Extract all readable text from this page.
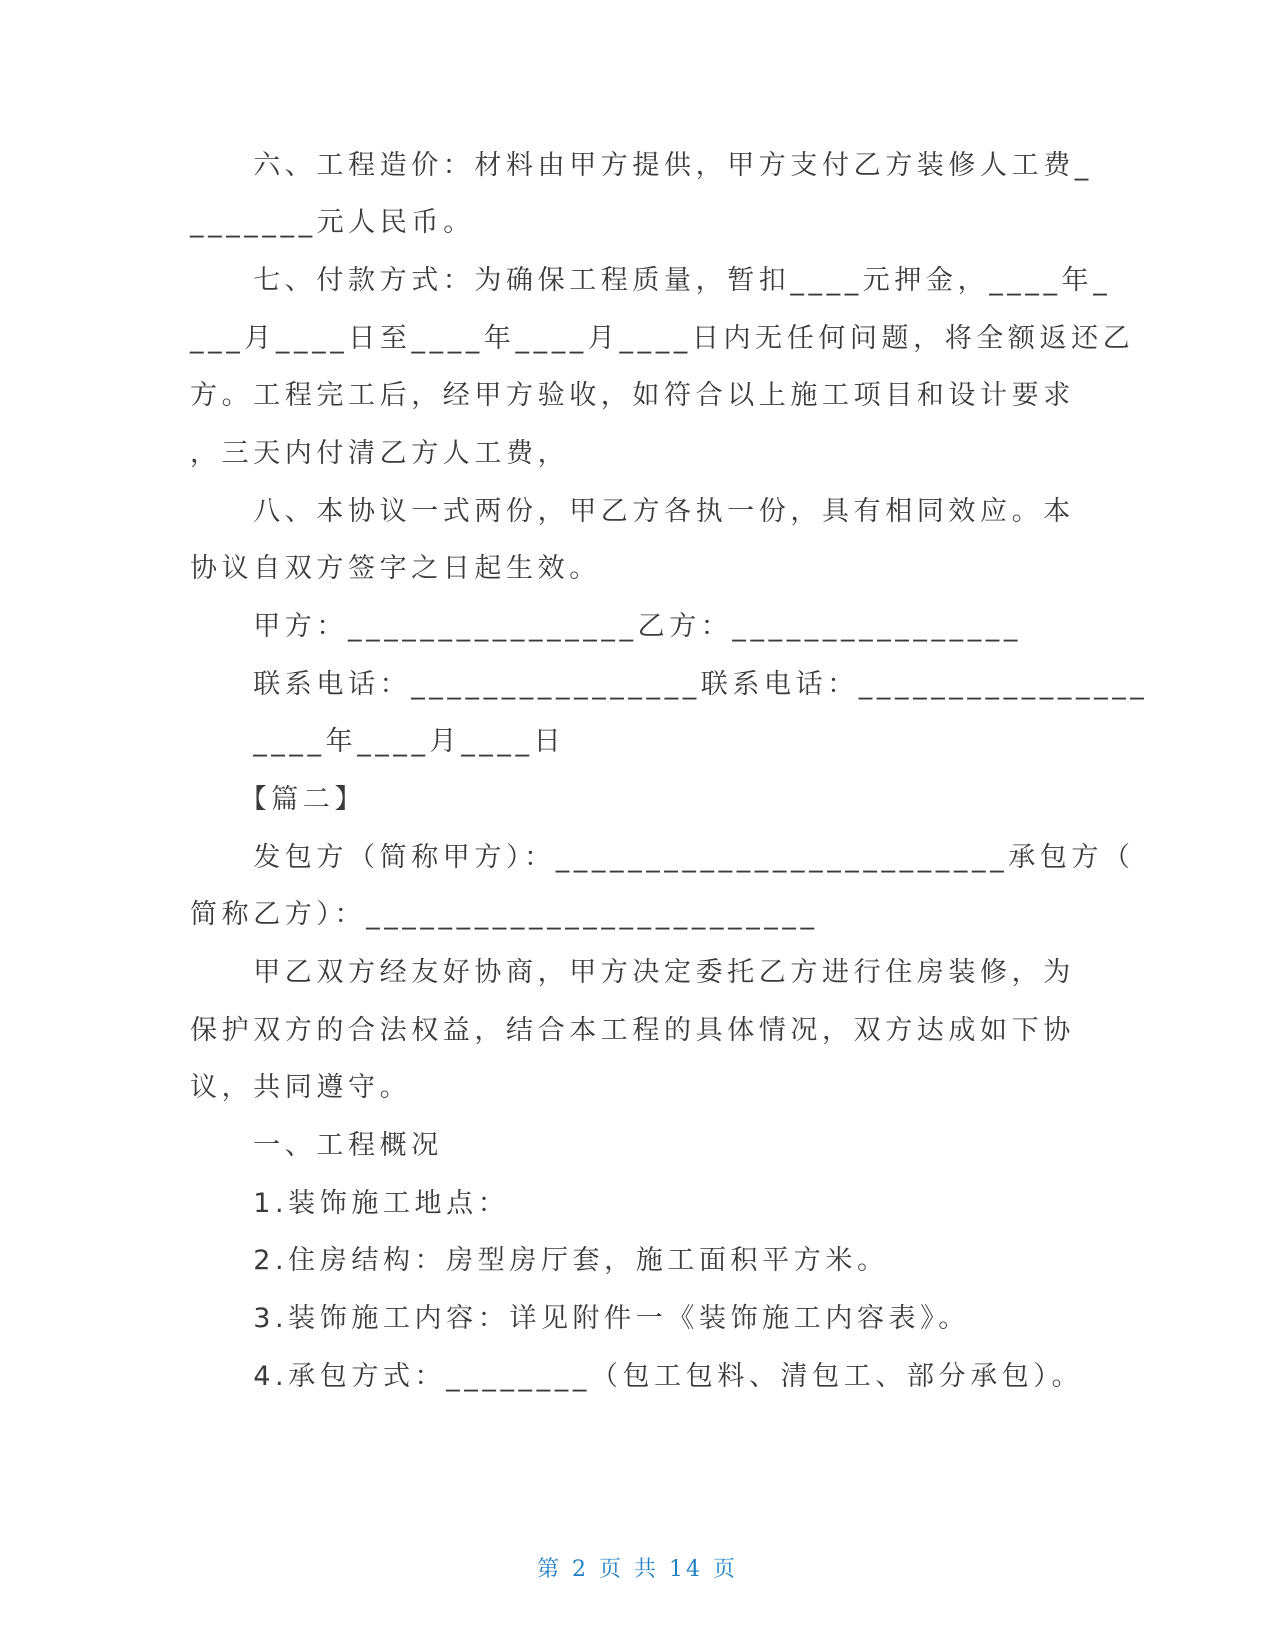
　　六、工程造价：材料由甲方提供，甲方支付乙方装修人工费_
_______元人民币。
　　七、付款方式：为确保工程质量，暂扣____元押金，____年_
___月____日至____年____月____日内无任何问题，将全额返还乙
方。工程完工后，经甲方验收，如符合以上施工项目和设计要求
，三天内付清乙方人工费，
　　八、本协议一式两份，甲乙方各执一份，具有相同效应。本
协议自双方签字之日起生效。
　　甲方：________________乙方：________________
　　联系电话：________________联系电话：________________
　　____年____月____日
　　【篇二】
　　发包方（简称甲方）：_________________________承包方（
简称乙方）：_________________________
　　甲乙双方经友好协商，甲方决定委托乙方进行住房装修，为
保护双方的合法权益，结合本工程的具体情况，双方达成如下协
议，共同遵守。
　　一、工程概况
　　1.装饰施工地点：
　　2.住房结构：房型房厅套，施工面积平方米。
　　3.装饰施工内容：详见附件一《装饰施工内容表》。
　　4.承包方式：________（包工包料、清包工、部分承包）。
第 2 页 共 14 页
